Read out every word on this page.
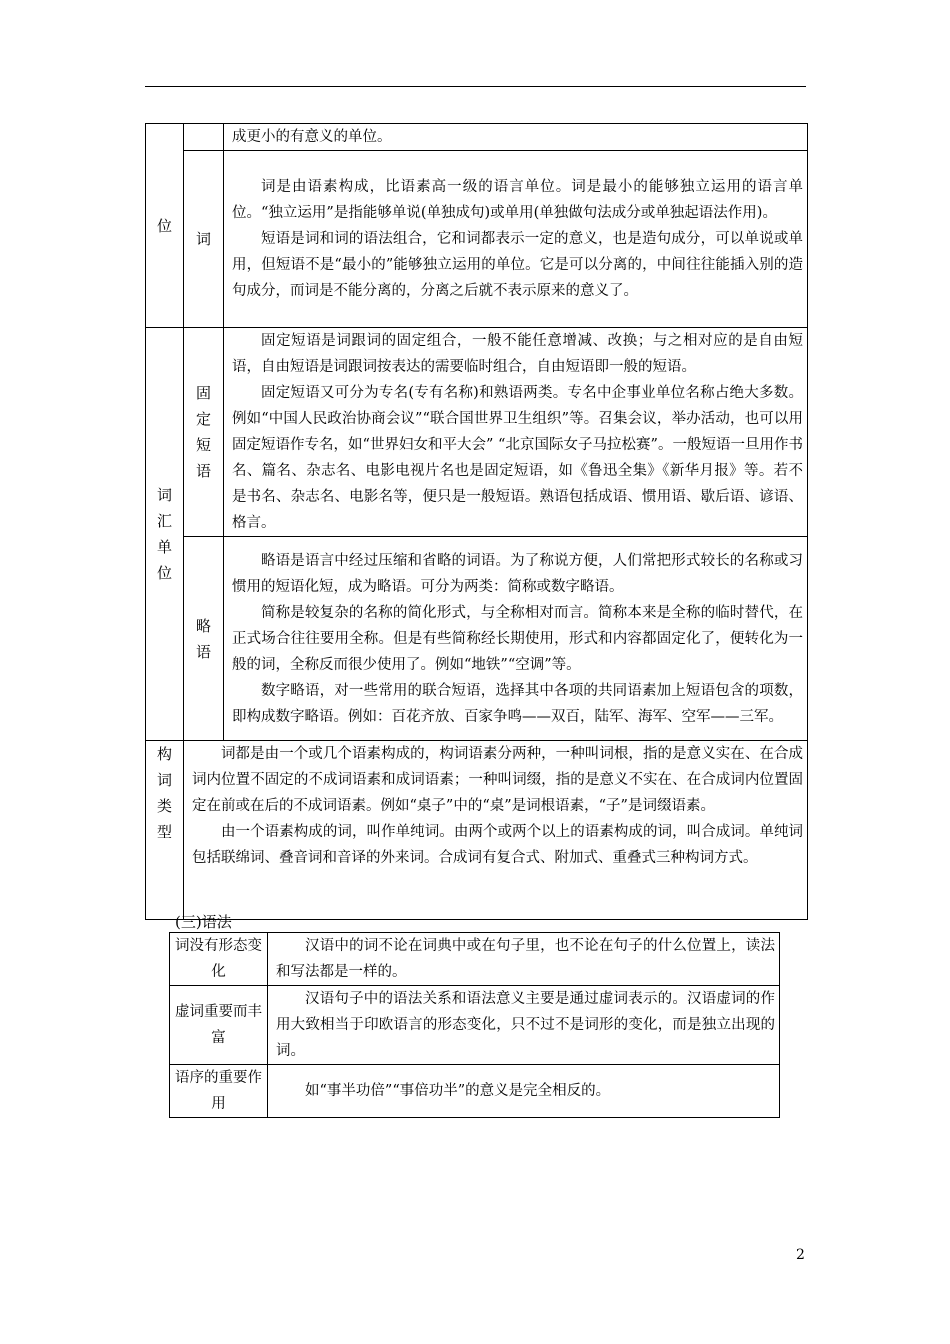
位		成更小的有意义的单位。

	词	词是由语素构成，比语素高一级的语言单位。词是最小的能够独立运用的语言单位。“独立运用”是指能够单说(单独成句)或单用(单独做句法成分或单独起语法作用)。

短语是词和词的语法组合，它和词都表示一定的意义，也是造句成分，可以单说或单用，但短语不是“最小的”能够独立运用的单位。它是可以分离的，中间往往能插入别的造句成分，而词是不能分离的，分离之后就不表示原来的意义了。

词汇单位	固定短语	固定短语是词跟词的固定组合，一般不能任意增减、改换；与之相对应的是自由短语，自由短语是词跟词按表达的需要临时组合，自由短语即一般的短语。

固定短语又可分为专名(专有名称)和熟语两类。专名中企事业单位名称占绝大多数。例如“中国人民政治协商会议”“联合国世界卫生组织”等。召集会议，举办活动，也可以用固定短语作专名，如“世界妇女和平大会” “北京国际女子马拉松赛”。一般短语一旦用作书名、篇名、杂志名、电影电视片名也是固定短语，如《鲁迅全集》《新华月报》等。若不是书名、杂志名、电影名等，便只是一般短语。熟语包括成语、惯用语、歇后语、谚语、格言。

	略语	略语是语言中经过压缩和省略的词语。为了称说方便，人们常把形式较长的名称或习惯用的短语化短，成为略语。可分为两类：简称或数字略语。

简称是较复杂的名称的简化形式，与全称相对而言。简称本来是全称的临时替代，在正式场合往往要用全称。但是有些简称经长期使用，形式和内容都固定化了，便转化为一般的词，全称反而很少使用了。例如“地铁”“空调”等。

数字略语，对一些常用的联合短语，选择其中各项的共同语素加上短语包含的项数，即构成数字略语。例如：百花齐放、百家争鸣——双百，陆军、海军、空军——三军。

构词类型	词都是由一个或几个语素构成的，构词语素分两种，一种叫词根，指的是意义实在、在合成词内位置不固定的不成词语素和成词语素；一种叫词缀，指的是意义不实在、在合成词内位置固定在前或在后的不成词语素。例如“桌子”中的“桌”是词根语素，“子”是词缀语素。

由一个语素构成的词，叫作单纯词。由两个或两个以上的语素构成的词，叫合成词。单纯词包括联绵词、叠音词和音译的外来词。合成词有复合式、附加式、重叠式三种构词方式。	

(三)语法
词没有形态变化	汉语中的词不论在词典中或在句子里，也不论在句子的什么位置上，读法和写法都是一样的。

虚词重要而丰富	汉语句子中的语法关系和语法意义主要是通过虚词表示的。汉语虚词的作用大致相当于印欧语言的形态变化，只不过不是词形的变化，而是独立出现的词。

语序的重要作用	如“事半功倍”“事倍功半”的意义是完全相反的。

2
